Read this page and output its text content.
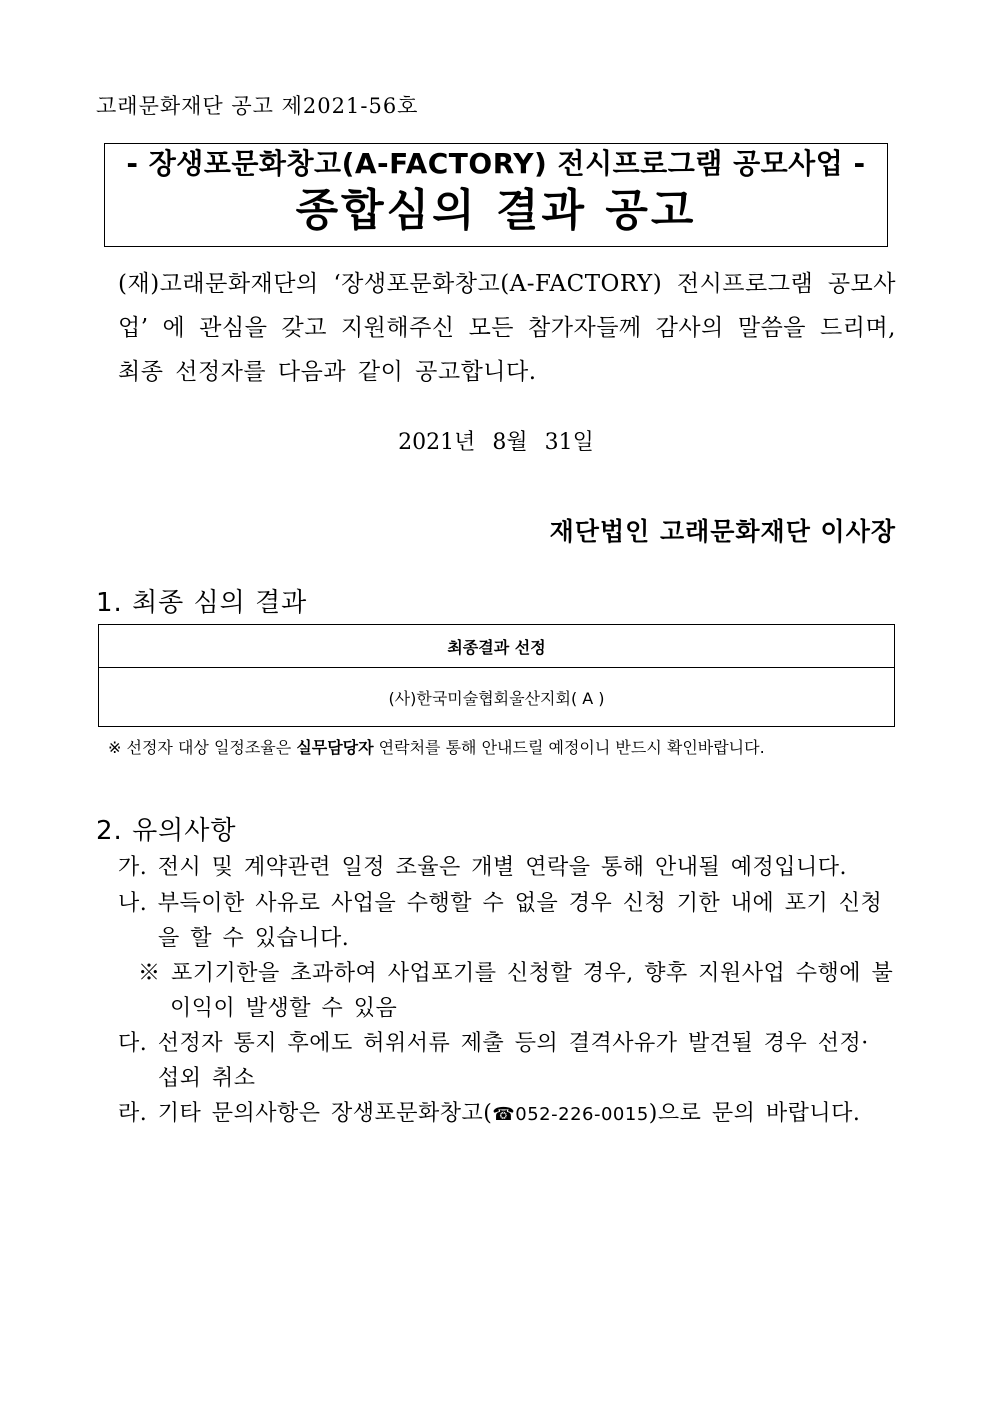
고래문화재단 공고 제2021-56호
- 장생포문화창고(A-FACTORY) 전시프로그램 공모사업 -
종합심의 결과 공고
(재)고래문화재단의 ‘장생포문화창고(A-FACTORY) 전시프로그램 공모사업’ 에 관심을 갖고 지원해주신 모든 참가자들께 감사의 말씀을 드리며, 최종 선정자를 다음과 같이 공고합니다.
2021년 8월 31일
재단법인 고래문화재단 이사장
1. 최종 심의 결과
최종결과 선정
(사)한국미술협회울산지회( A )
※ 선정자 대상 일정조율은 실무담당자 연락처를 통해 안내드릴 예정이니 반드시 확인바랍니다.
2. 유의사항
가. 전시 및 계약관련 일정 조율은 개별 연락을 통해 안내될 예정입니다.
나. 부득이한 사유로 사업을 수행할 수 없을 경우 신청 기한 내에 포기 신청
을 할 수 있습니다.
※ 포기기한을 초과하여 사업포기를 신청할 경우, 향후 지원사업 수행에 불
이익이 발생할 수 있음
다. 선정자 통지 후에도 허위서류 제출 등의 결격사유가 발견될 경우 선정·
섭외 취소
라. 기타 문의사항은 장생포문화창고(☎052-226-0015)으로 문의 바랍니다.
